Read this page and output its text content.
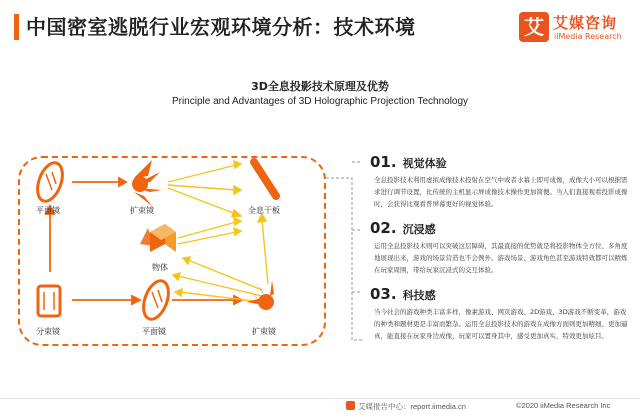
中国密室逃脱行业宏观环境分析：技术环境	艾 艾媒咨询
iiMedia Research
3D全息投影技术原理及优势
Principle and Advantages of 3D Holographic Projection Technology
平面镜	扩束镜	全息干板
物体
分束镜	平面镜	扩束镜
01. 视觉体验
全息投影技术利用虚拟成像技术投射在空气中或者水幕上即可成像，成像大小可以根据需求进行调节设置，比传统的主机显示屏成像技术操作更加简便。当人们直接观看投影成像时，会获得比观看普屏幕更好的视觉体验。
02. 沉浸感
运用全息投影技术则可以突破这层障碍，其最直接的优势就是将投影物体全方位、多角度地展现出来，游戏的场景营造也不会例外。游戏场景、游戏角色甚至游戏特效都可以精炼在玩家周围，带给玩家沉浸式的交互体验。
03. 科技感
当今社会的游戏种类丰富多样，像素游戏、网页游戏、2D游戏、3D游戏不断变革，游戏的种类和题材更是丰富而繁杂。运用全息投影技术的游戏在成像方面则更加精细、更加逼真，能直接在玩家身边成像，玩家可以置身其中，感受更加真实，特效更加炫目。
艾媒报告中心：report.iimedia.cn	©2020 iiMedia Research Inc
